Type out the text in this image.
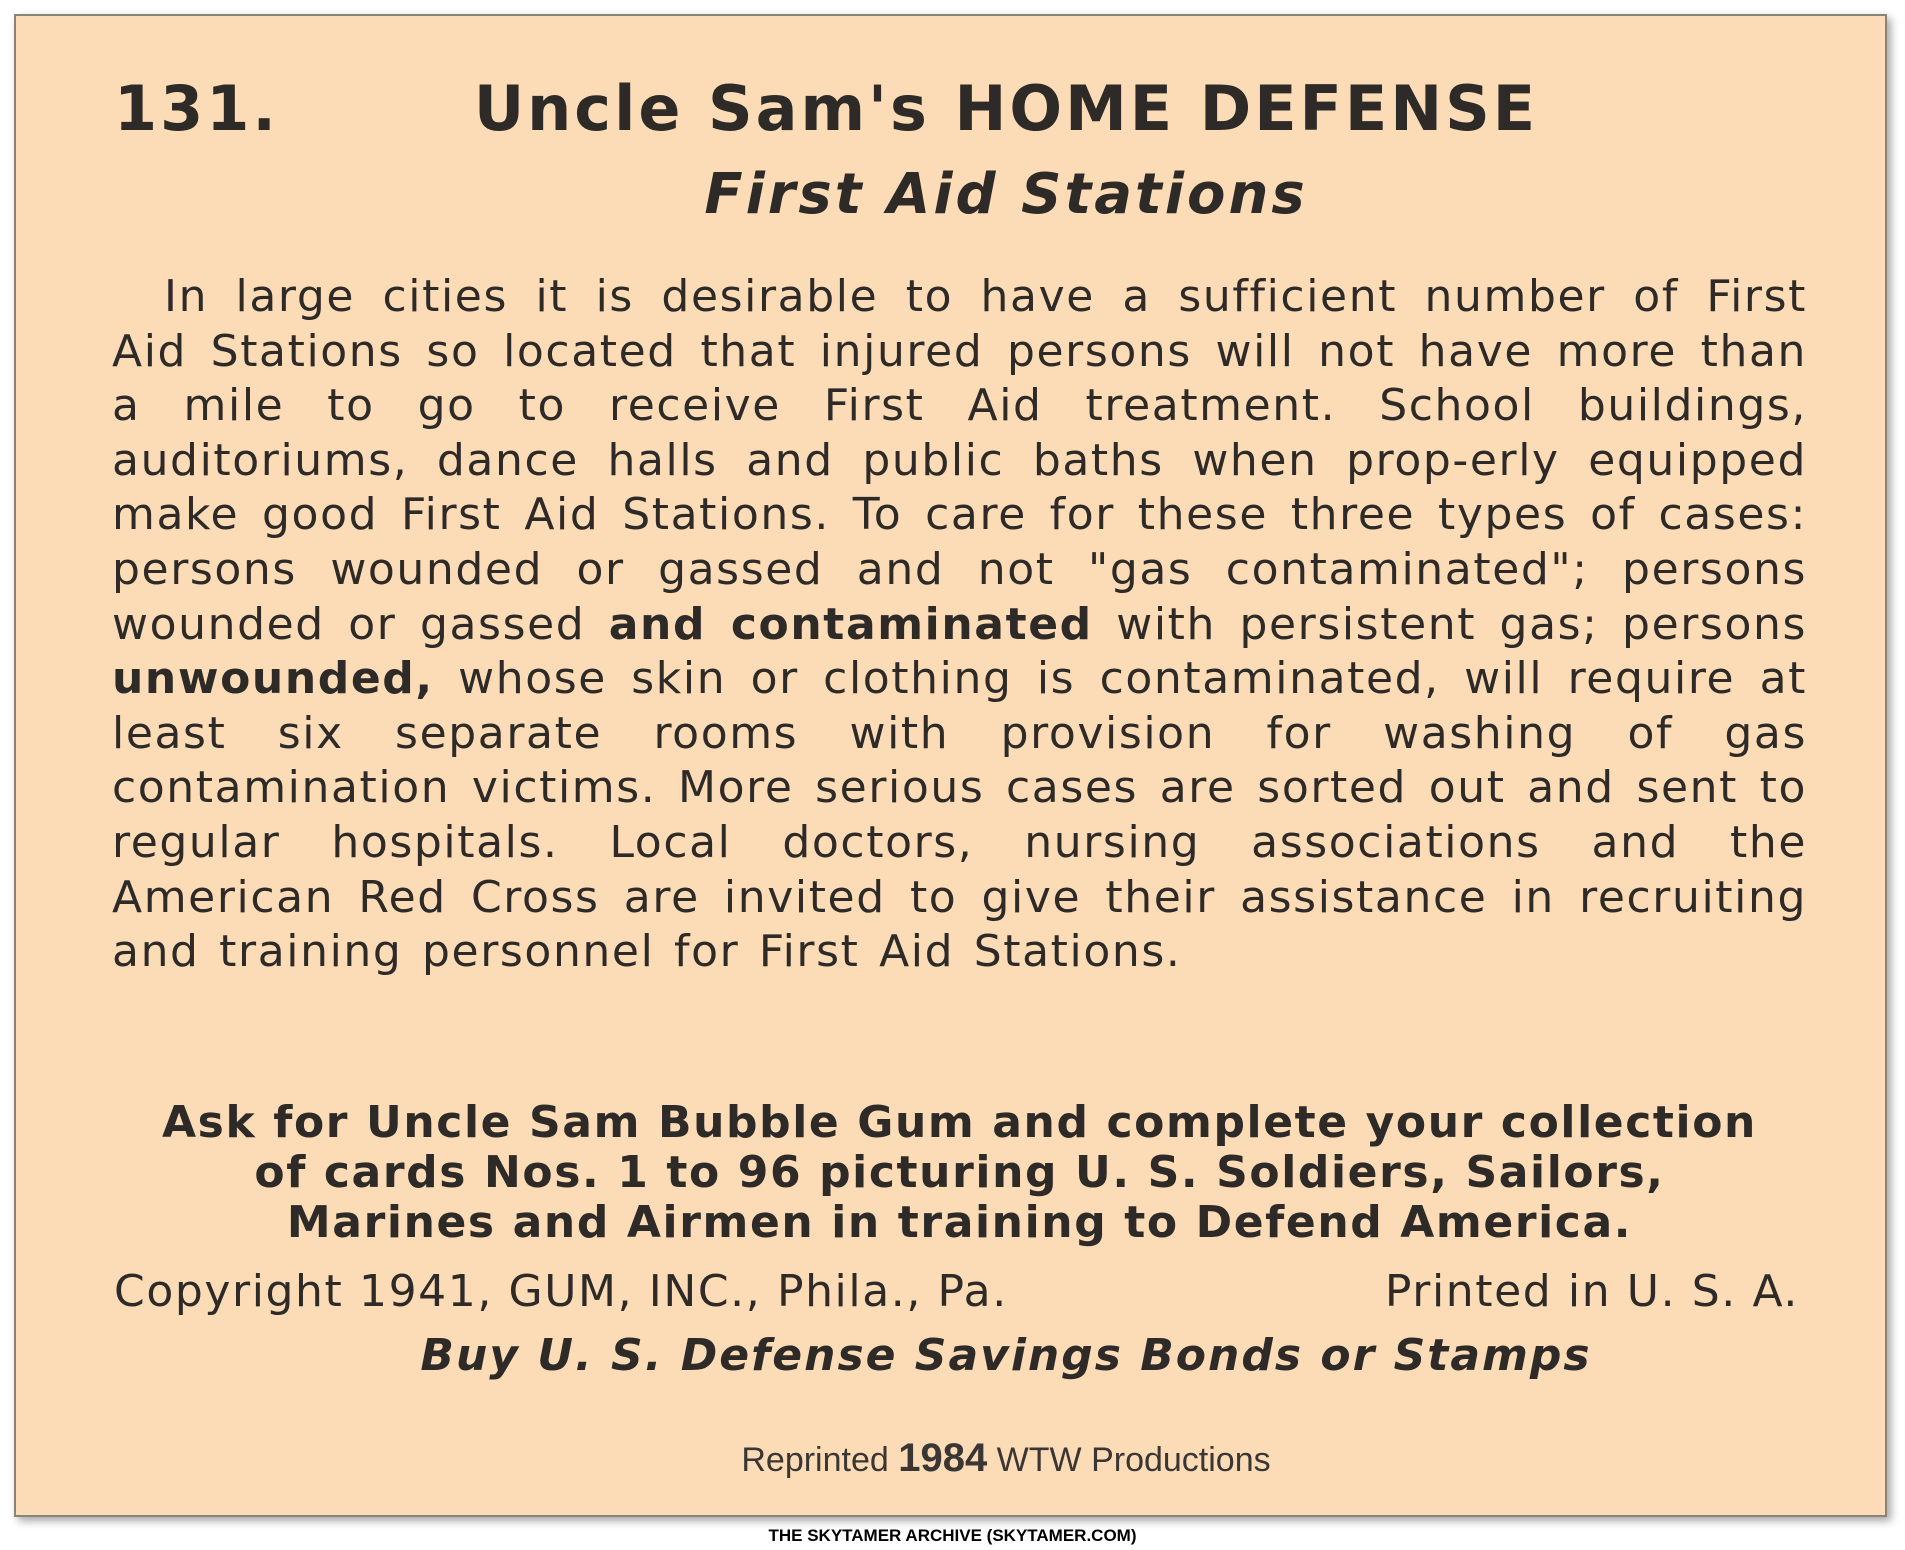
131.	Uncle Sam's HOME DEFENSE
First Aid Stations

In large cities it is desirable to have a sufficient number of First Aid Stations so located that injured persons will not have more than a mile to go to receive First Aid treatment. School buildings, auditoriums, dance halls and public baths when prop-erly equipped make good First Aid Stations. To care for these three types of cases: persons wounded or gassed and not "gas contaminated"; persons wounded or gassed and contaminated with persistent gas; persons unwounded, whose skin or clothing is contaminated, will require at least six separate rooms with provision for washing of gas contamination victims. More serious cases are sorted out and sent to regular hospitals. Local doctors, nursing associations and the American Red Cross are invited to give their assistance in recruiting and training personnel for First Aid Stations.

Ask for Uncle Sam Bubble Gum and complete your collection
of cards Nos. 1 to 96 picturing U. S. Soldiers, Sailors,
Marines and Airmen in training to Defend America.
Copyright 1941, GUM, INC., Phila., Pa.	Printed in U. S. A.
Buy U. S. Defense Savings Bonds or Stamps
Reprinted 1984 WTW Productions
THE SKYTAMER ARCHIVE (SKYTAMER.COM)
